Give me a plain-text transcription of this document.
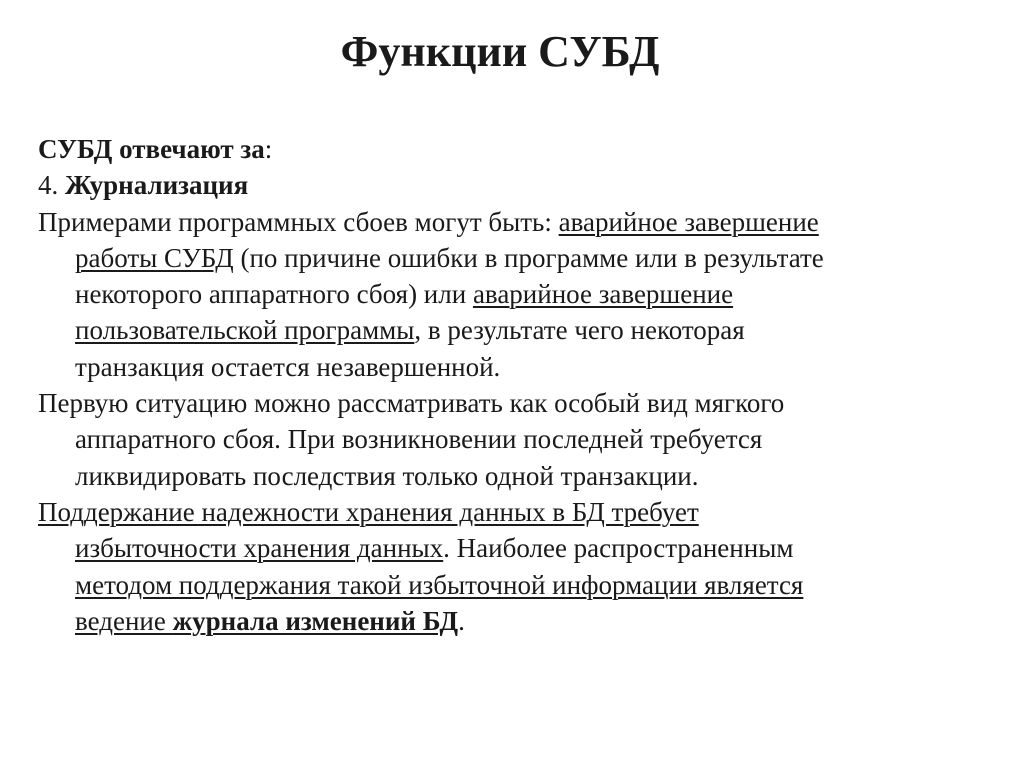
Функции СУБД
СУБД отвечают за:
4. Журнализация
Примерами программных сбоев могут быть: аварийное завершение
работы СУБД (по причине ошибки в программе или в результате
некоторого аппаратного сбоя) или аварийное завершение
пользовательской программы, в результате чего некоторая
транзакция остается незавершенной.
Первую ситуацию можно рассматривать как особый вид мягкого
аппаратного сбоя. При возникновении последней требуется
ликвидировать последствия только одной транзакции.
Поддержание надежности хранения данных в БД требует
избыточности хранения данных. Наиболее распространенным
методом поддержания такой избыточной информации является
ведение журнала изменений БД.
